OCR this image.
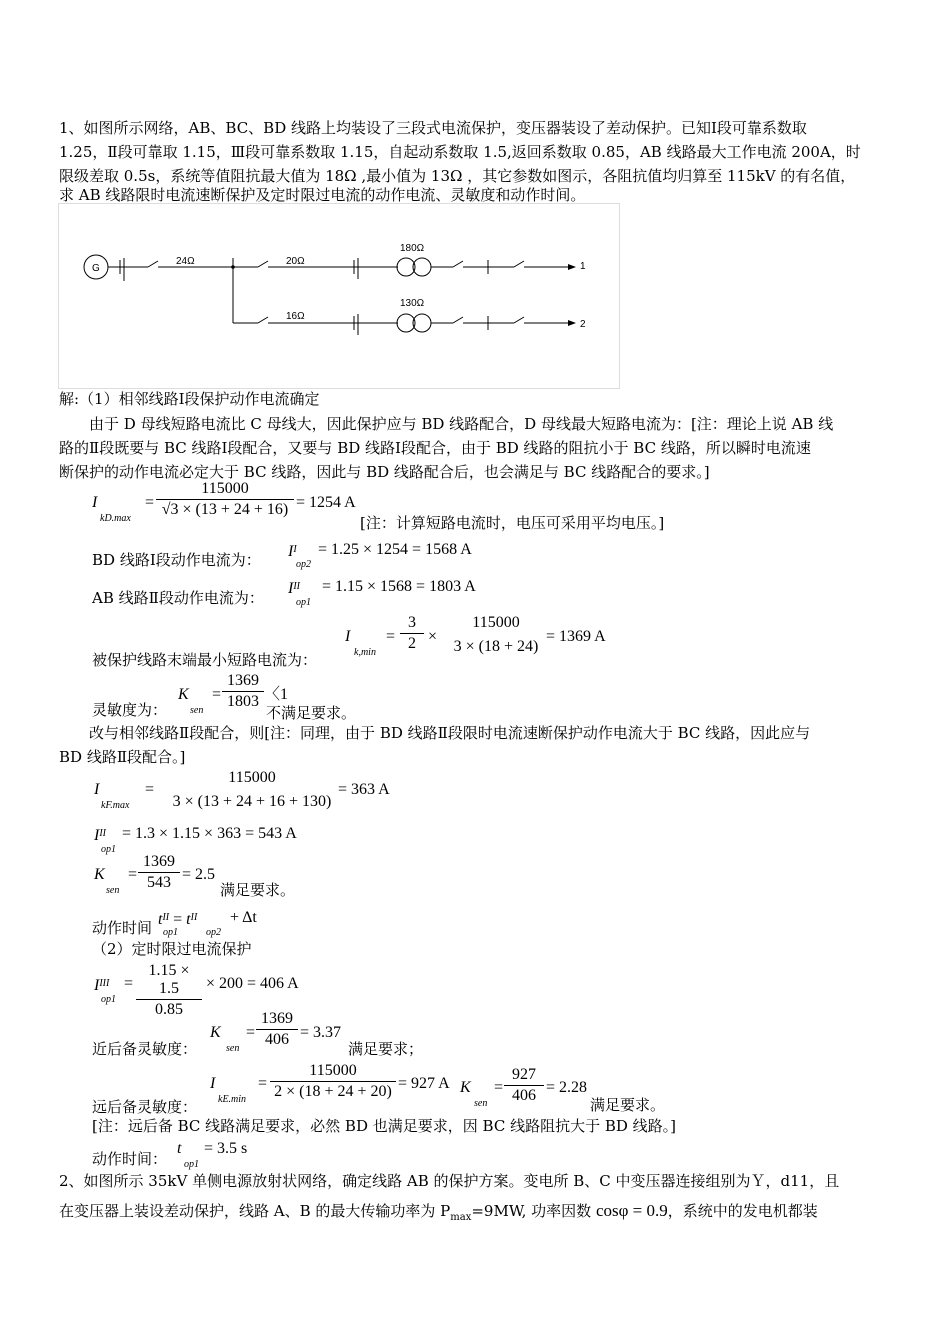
1、如图所示网络，AB、BC、BD 线路上均装设了三段式电流保护，变压器装设了差动保护。已知Ⅰ段可靠系数取
1.25，Ⅱ段可靠取 1.15，Ⅲ段可靠系数取 1.15，自起动系数取 1.5,返回系数取 0.85，AB 线路最大工作电流 200A，时
限级差取 0.5s，系统等值阻抗最大值为 18Ω ,最小值为 13Ω ，其它参数如图示，各阻抗值均归算至 115kV 的有名值，
求 AB 线路限时电流速断保护及定时限过电流的动作电流、灵敏度和动作时间。
G
24Ω	20Ω
16Ω
180Ω
130Ω
1
2
解:（1）相邻线路Ⅰ段保护动作电流确定
由于 D 母线短路电流比 C 母线大，因此保护应与 BD 线路配合，D 母线最大短路电流为：[注：理论上说 AB 线
路的Ⅱ段既要与 BC 线路Ⅰ段配合，又要与 BD 线路Ⅰ段配合，由于 BD 线路的阻抗小于 BC 线路，所以瞬时电流速
断保护的动作电流必定大于 BC 线路，因此与 BD 线路配合后，也会满足与 BC 线路配合的要求。]
I
kD.max
= $\frac{115000}{√3 \times (13 + 24 + 16)} = 1254$ A
[注：计算短路电流时，电压可采用平均电压。]
BD 线路Ⅰ段动作电流为： $I^I$
op2
= 1.25 × 1254 = 1568 A
AB 线路Ⅱ段动作电流为：
$I^{II}$
op1
= 1.15 × 1568 = 1803 A
I
k,min
= $\frac{3}{2}$ ×
115000
3 × (18 + 24)
= 1369 A
被保护线路末端最小短路电流为：
灵敏度为：
K
sen
= $\frac{1369}{1803}$ 〈1
不满足要求。
改与相邻线路Ⅱ段配合，则[注：同理，由于 BD 线路Ⅱ段限时电流速断保护动作电流大于 BC 线路，因此应与
BD 线路Ⅱ段配合。]
115000
3 × (13 + 24 + 16 + 130)
I
kF.max
=	= 363 A
$I^{II}$
op1
= 1.3 × 1.15 × 363 = 543 A
K
sen
= $\frac{1369}{543} = 2.5$
满足要求。
动作时间 $t^{II} = t^{II}$
op1	op2
+ Δt
（2）定时限过电流保护
$I^{III}$
op1
= $\frac{1.15 \times 1.5}{0.85} \times 200 = 406$ A
近后备灵敏度：
K
sen
= $\frac{1369}{406} = 3.37$
满足要求；
远后备灵敏度：
I
kE.min
= $\frac{115000}{2 \times (18 + 24 + 20)} = 927$ A K
sen
= $\frac{927}{406} = 2.28$
满足要求。
[注：远后备 BC 线路满足要求，必然 BD 也满足要求，因 BC 线路阻抗大于 BD 线路。]
动作时间：
t
op1
= 3.5 s
2、如图所示 35kV 单侧电源放射状网络，确定线路 AB 的保护方案。变电所 B、C 中变压器连接组别为Ｙ，d11，且
在变压器上装设差动保护，线路 A、B 的最大传输功率为 $P_{max}=9MW$, 功率因数 cosφ = 0.9，系统中的发电机都装
